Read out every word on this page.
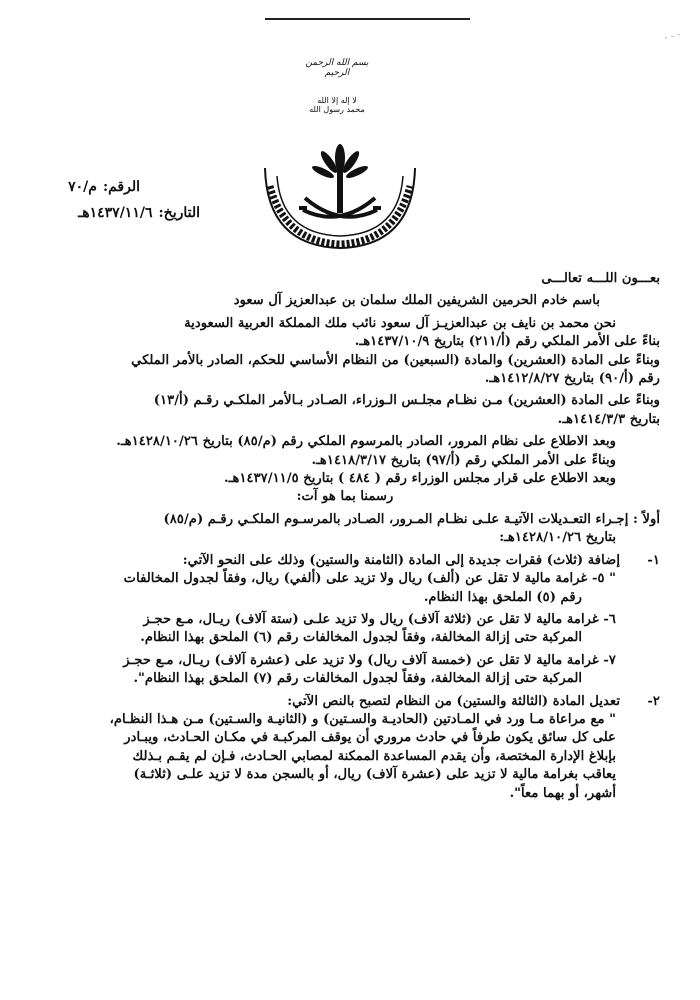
· ⁻ ′
بسم الله الرحمن الرحيم
لا إله إلا الله محمد رسول الله
الرقم:م/٧٠
التاريخ:١٤٣٧/١١/٦هـ

بعـــون اللـــه تعالـــى

باسم خادم الحرمين الشريفين الملك سلمان بن عبدالعزيز آل سعود

نحن محمد بن نايف بن عبدالعزيـز آل سعود نائب ملك المملكة العربية السعودية

بناءً على الأمر الملكي رقم (أ/٢١١) بتاريخ ١٤٣٧/١٠/٩هـ.

وبناءً على المادة (العشرين) والمادة (السبعين) من النظام الأساسي للحكم، الصادر بالأمر الملكي

رقم (أ/٩٠) بتاريخ ١٤١٢/٨/٢٧هـ.

وبناءً على المادة (العشرين) مـن نظـام مجلـس الـوزراء، الصـادر بـالأمر الملكـي رقـم (أ/١٣)

بتاريخ ١٤١٤/٣/٣هـ.

وبعد الاطلاع على نظام المرور، الصادر بالمرسوم الملكي رقم (م/٨٥) بتاريخ ١٤٢٨/١٠/٢٦هـ.

وبناءً على الأمر الملكي رقم (أ/٩٧) بتاريخ ١٤١٨/٣/١٧هـ.

وبعد الاطلاع على قرار مجلس الوزراء رقم ( ٤٨٤ ) بتاريخ ١٤٣٧/١١/٥هـ.

رسمنا بما هو آت:

أولاً : إجـراء التعـديلات الآتيـة علـى نظـام المـرور، الصـادر بالمرسـوم الملكـي رقـم (م/٨٥)

بتاريخ ١٤٢٨/١٠/٢٦هـ:

١-
إضافة (ثلاث) فقرات جديدة إلى المادة (الثامنة والستين) وذلك على النحو الآتي:

" ٥- غرامة مالية لا تقل عن (ألف) ريال ولا تزيد على (ألفي) ريال، وفقاً لجدول المخالفات

رقم (٥) الملحق بهذا النظام.

٦- غرامة مالية لا تقل عن (ثلاثة آلاف) ريال ولا تزيد علـى (ستة آلاف) ريـال، مـع حجـز

المركبة حتى إزالة المخالفة، وفقاً لجدول المخالفات رقم (٦) الملحق بهذا النظام.

٧- غرامة مالية لا تقل عن (خمسة آلاف ريال) ولا تزيد على (عشرة آلاف) ريـال، مـع حجـز

المركبة حتى إزالة المخالفة، وفقاً لجدول المخالفات رقم (٧) الملحق بهذا النظام".

٢-
تعديل المادة (الثالثة والستين) من النظام لتصبح بالنص الآتي:

" مع مراعاة مـا ورد في المـادتين (الحاديـة والسـتين) و (الثانيـة والسـتين) مـن هـذا النظـام،

على كل سائق يكون طرفاً في حادث مروري أن يوقف المركبـة في مكـان الحـادث، ويبـادر

بإبلاغ الإدارة المختصة، وأن يقدم المساعدة الممكنة لمصابي الحـادث، فـإن لم يقـم بـذلك

يعاقب بغرامة مالية لا تزيد على (عشرة آلاف) ريال، أو بالسجن مدة لا تزيد علـى (ثلاثـة)

أشهر، أو بهما معاً".
